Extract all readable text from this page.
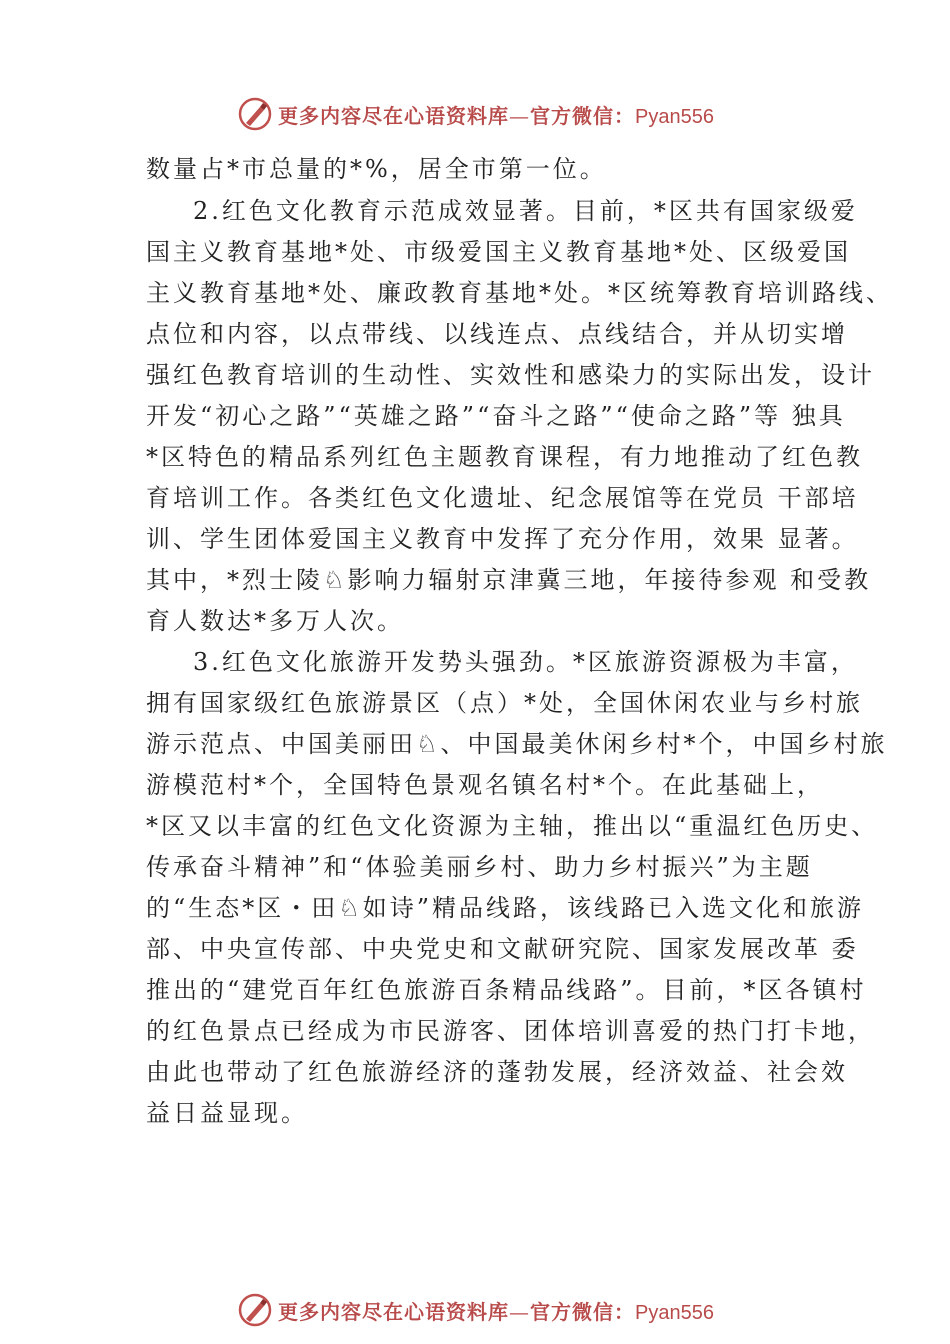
更多内容尽在心语资料库—官方微信：Pyan556
数量占*市总量的*%，居全市第一位。
2.红色文化教育示范成效显著。目前，*区共有国家级爱
国主义教育基地*处、市级爱国主义教育基地*处、区级爱国
主义教育基地*处、廉政教育基地*处。*区统筹教育培训路线、
点位和内容，以点带线、以线连点、点线结合，并从切实增
强红色教育培训的生动性、实效性和感染力的实际出发，设计
开发“初心之路”“英雄之路”“奋斗之路”“使命之路”等 独具
*区特色的精品系列红色主题教育课程，有力地推动了红色教
育培训工作。各类红色文化遗址、纪念展馆等在党员 干部培
训、学生团体爱国主义教育中发挥了充分作用，效果 显著。
其中，*烈士陵♘影响力辐射京津冀三地，年接待参观 和受教
育人数达*多万人次。
3.红色文化旅游开发势头强劲。*区旅游资源极为丰富，
拥有国家级红色旅游景区（点）*处，全国休闲农业与乡村旅
游示范点、中国美丽田♘、中国最美休闲乡村*个，中国乡村旅
游模范村*个，全国特色景观名镇名村*个。在此基础上，
*区又以丰富的红色文化资源为主轴，推出以“重温红色历史、
传承奋斗精神”和“体验美丽乡村、助力乡村振兴”为主题
的“生态*区・田♘如诗”精品线路，该线路已入选文化和旅游
部、中央宣传部、中央党史和文献研究院、国家发展改革 委
推出的“建党百年红色旅游百条精品线路”。目前，*区各镇村
的红色景点已经成为市民游客、团体培训喜爱的热门打卡地，
由此也带动了红色旅游经济的蓬勃发展，经济效益、社会效
益日益显现。
更多内容尽在心语资料库—官方微信：Pyan556
